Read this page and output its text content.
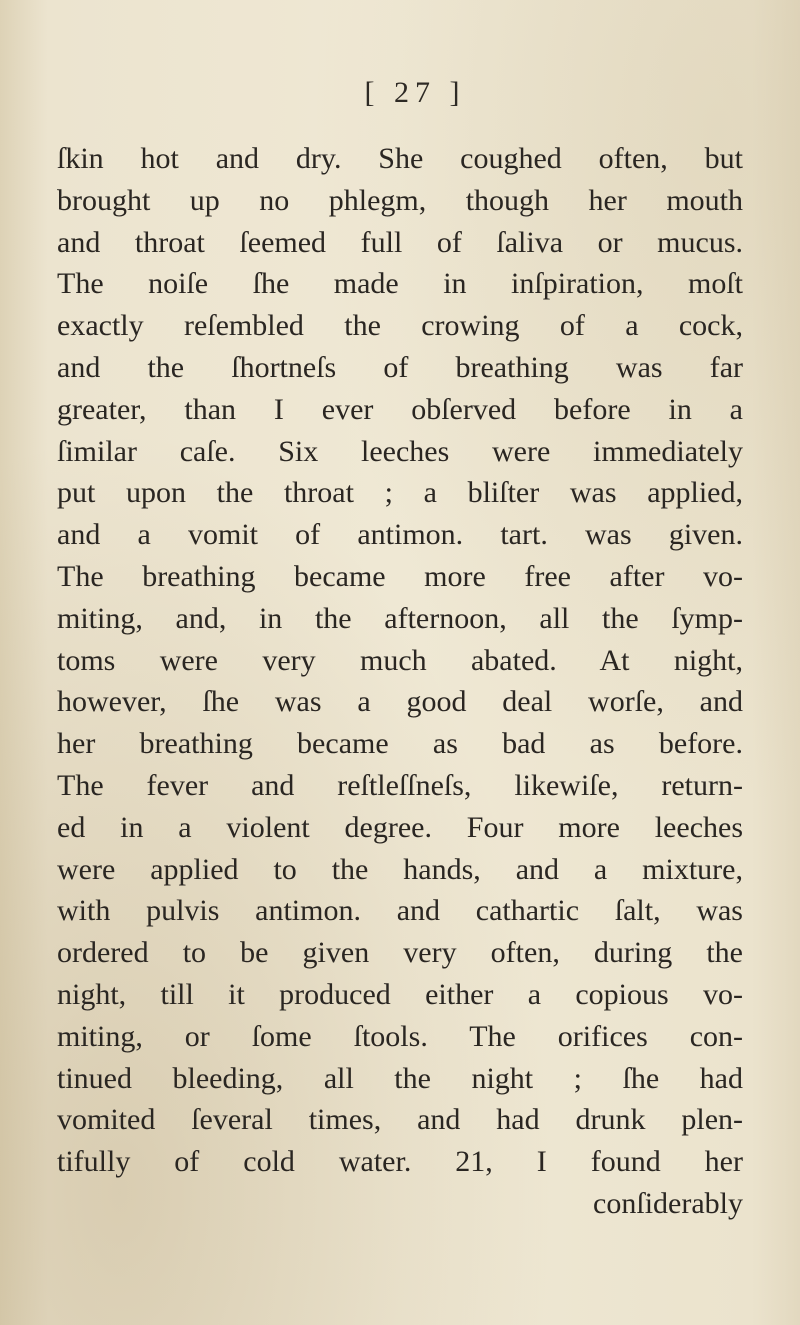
[ 27 ]
ſkin hot and dry. She coughed often, but
brought up no phlegm, though her mouth
and throat ſeemed full of ſaliva or mucus.
The noiſe ſhe made in inſpiration, moſt
exactly reſembled the crowing of a cock,
and the ſhortneſs of breathing was far
greater, than I ever obſerved before in a
ſimilar caſe. Six leeches were immediately
put upon the throat ; a bliſter was applied,
and a vomit of antimon. tart. was given.
The breathing became more free after vo-
miting, and, in the afternoon, all the ſymp-
toms were very much abated. At night,
however, ſhe was a good deal worſe, and
her breathing became as bad as before.
The fever and reſtleſſneſs, likewiſe, return-
ed in a violent degree. Four more leeches
were applied to the hands, and a mixture,
with pulvis antimon. and cathartic ſalt, was
ordered to be given very often, during the
night, till it produced either a copious vo-
miting, or ſome ſtools. The orifices con-
tinued bleeding, all the night ; ſhe had
vomited ſeveral times, and had drunk plen-
tifully of cold water. 21, I found her
conſiderably
